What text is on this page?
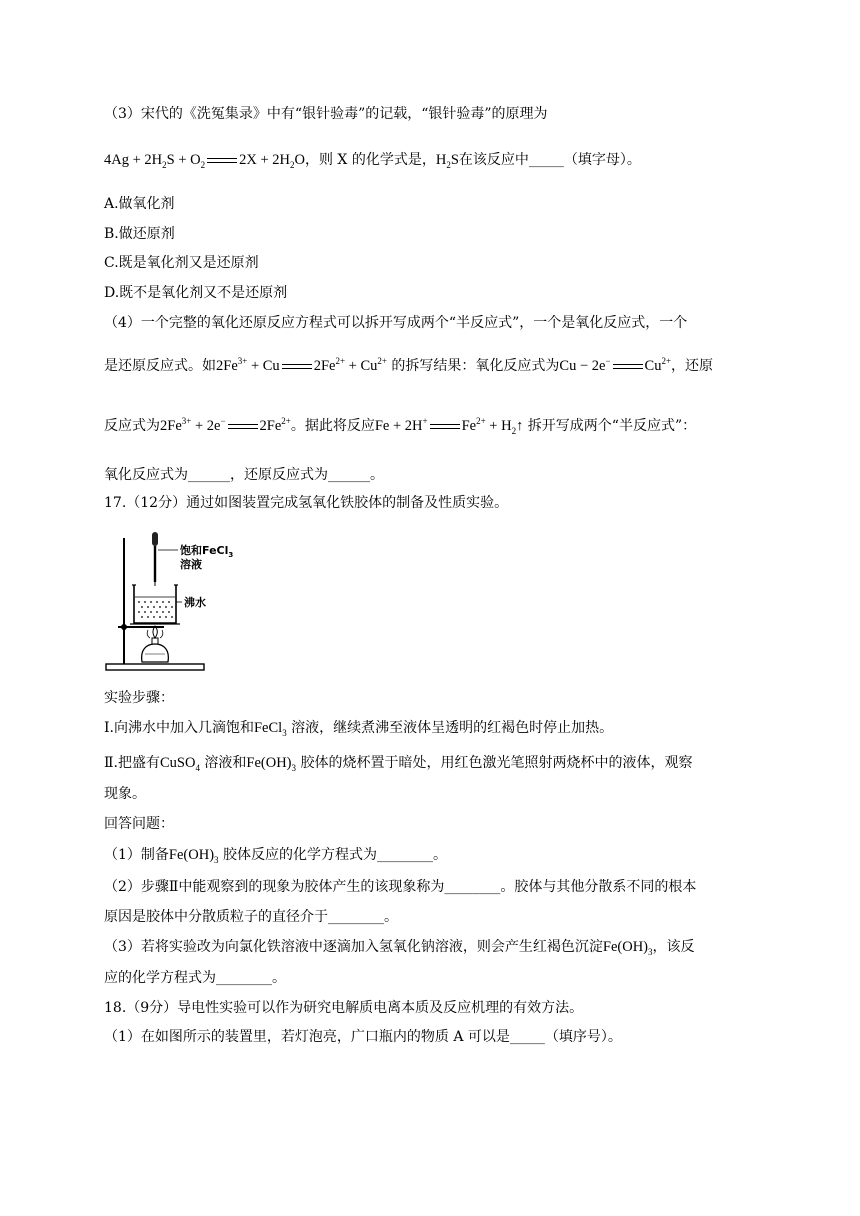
（3）宋代的《洗冤集录》中有“银针验毒”的记载，“银针验毒”的原理为
$4Ag + 2H_2S + O_2$ $2X + 2H_2O$，则 X 的化学式是，$H_2S$在该反应中_____（填字母）。
A.做氧化剂
B.做还原剂
C.既是氧化剂又是还原剂
D.既不是氧化剂又不是还原剂
（4）一个完整的氧化还原反应方程式可以拆开写成两个“半反应式”，一个是氧化反应式，一个
是还原反应式。如$2Fe^{3+} + Cu$ $2Fe^{2+} + Cu^{2+}$ 的拆写结果：氧化反应式为Cu − 2e− $Cu^{2+}$，还原
反应式为$2Fe^{3+} + 2e^-$ $2Fe^{2+}$。据此将反应Fe + 2H+ $Fe^{2+}$ + $H_2↑$ 拆开写成两个“半反应式”：
氧化反应式为______，还原反应式为______。
17.（12分）通过如图装置完成氢氧化铁胶体的制备及性质实验。
饱和FeCl$_3$
溶液
沸水
实验步骤：
Ⅰ.向沸水中加入几滴饱和FeCl$_3$ 溶液，继续煮沸至液体呈透明的红褐色时停止加热。
Ⅱ.把盛有CuSO$_4$ 溶液和$Fe(OH)_3$ 胶体的烧杯置于暗处，用红色激光笔照射两烧杯中的液体，观察
现象。
回答问题：
（1）制备$Fe(OH)_3$ 胶体反应的化学方程式为________。
（2）步骤Ⅱ中能观察到的现象为胶体产生的该现象称为________。胶体与其他分散系不同的根本
原因是胶体中分散质粒子的直径介于________。
（3）若将实验改为向氯化铁溶液中逐滴加入氢氧化钠溶液，则会产生红褐色沉淀$Fe(OH)_3$，该反
应的化学方程式为________。
18.（9分）导电性实验可以作为研究电解质电离本质及反应机理的有效方法。
（1）在如图所示的装置里，若灯泡亮，广口瓶内的物质 A 可以是_____（填序号）。
